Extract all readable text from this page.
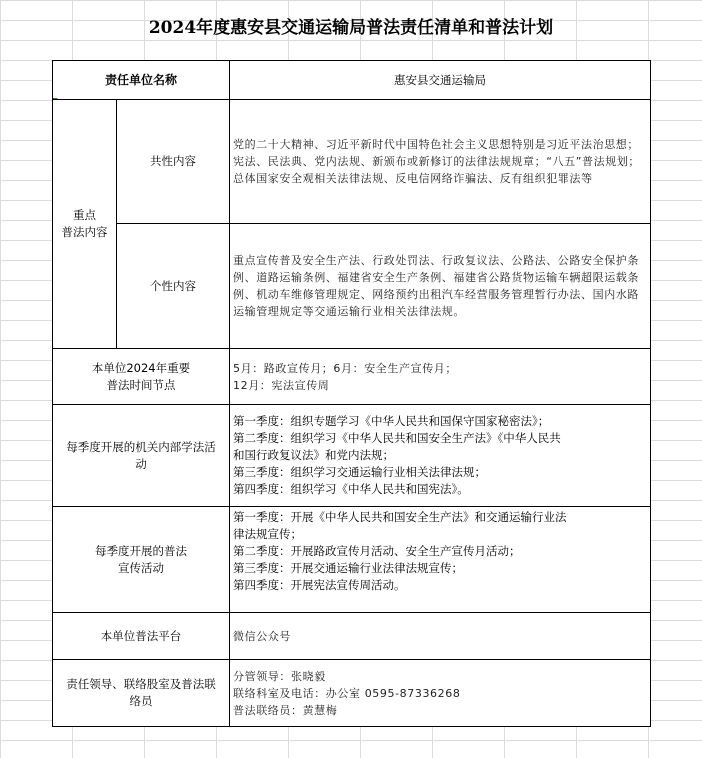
2024年度惠安县交通运输局普法责任清单和普法计划
责任单位名称	惠安县交通运输局
重点
普法内容
共性内容
党的二十大精神、习近平新时代中国特色社会主义思想特别是习近平法治思想；宪法、民法典、党内法规、新颁布或新修订的法律法规规章；“八五”普法规划；总体国家安全观相关法律法规、反电信网络诈骗法、反有组织犯罪法等
个性内容
重点宣传普及安全生产法、行政处罚法、行政复议法、公路法、公路安全保护条例、道路运输条例、福建省安全生产条例、福建省公路货物运输车辆超限运载条例、机动车维修管理规定、网络预约出租汽车经营服务管理暂行办法、国内水路运输管理规定等交通运输行业相关法律法规。
本单位2024年重要
普法时间节点
5月：路政宣传月；6月：安全生产宣传月；
12月：宪法宣传周
每季度开展的机关内部学法活
动
第一季度：组织专题学习《中华人民共和国保守国家秘密法》；
第二季度：组织学习《中华人民共和国安全生产法》《中华人民共
和国行政复议法》和党内法规；
第三季度：组织学习交通运输行业相关法律法规；
第四季度：组织学习《中华人民共和国宪法》。
每季度开展的普法
宣传活动
第一季度：开展《中华人民共和国安全生产法》和交通运输行业法
律法规宣传；
第二季度：开展路政宣传月活动、安全生产宣传月活动；
第三季度：开展交通运输行业法律法规宣传；
第四季度：开展宪法宣传周活动。
本单位普法平台	微信公众号
责任领导、联络股室及普法联
络员
分管领导：张晓毅
联络科室及电话：办公室 0595-87336268
普法联络员：黄慧梅
